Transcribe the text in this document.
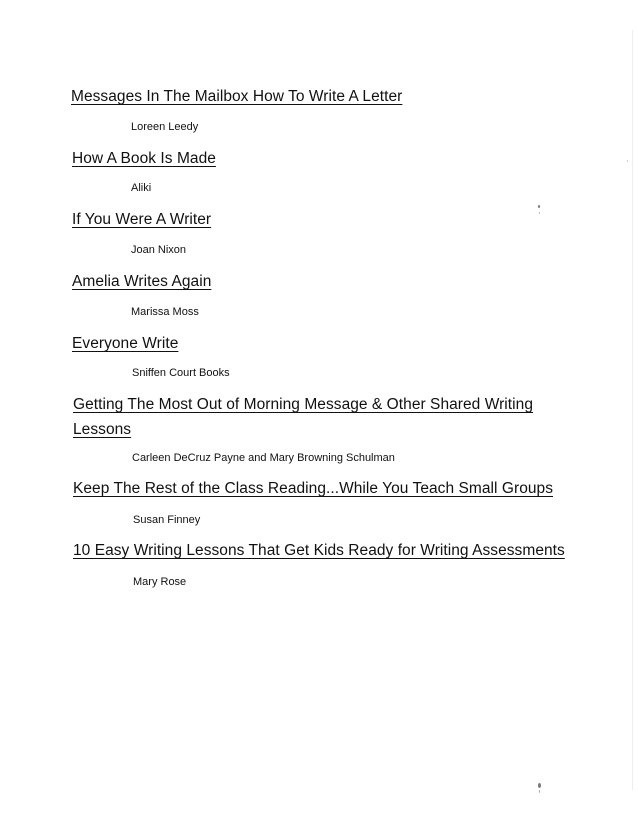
Messages In The Mailbox How To Write A Letter
Loreen Leedy
How A Book Is Made
Aliki
If You Were A Writer
Joan Nixon
Amelia Writes Again
Marissa Moss
Everyone Write
Sniffen Court Books
Getting The Most Out of Morning Message & Other Shared Writing Lessons
Carleen DeCruz Payne and Mary Browning Schulman
Keep The Rest of the Class Reading...While You Teach Small Groups
Susan Finney
10 Easy Writing Lessons That Get Kids Ready for Writing Assessments
Mary Rose
